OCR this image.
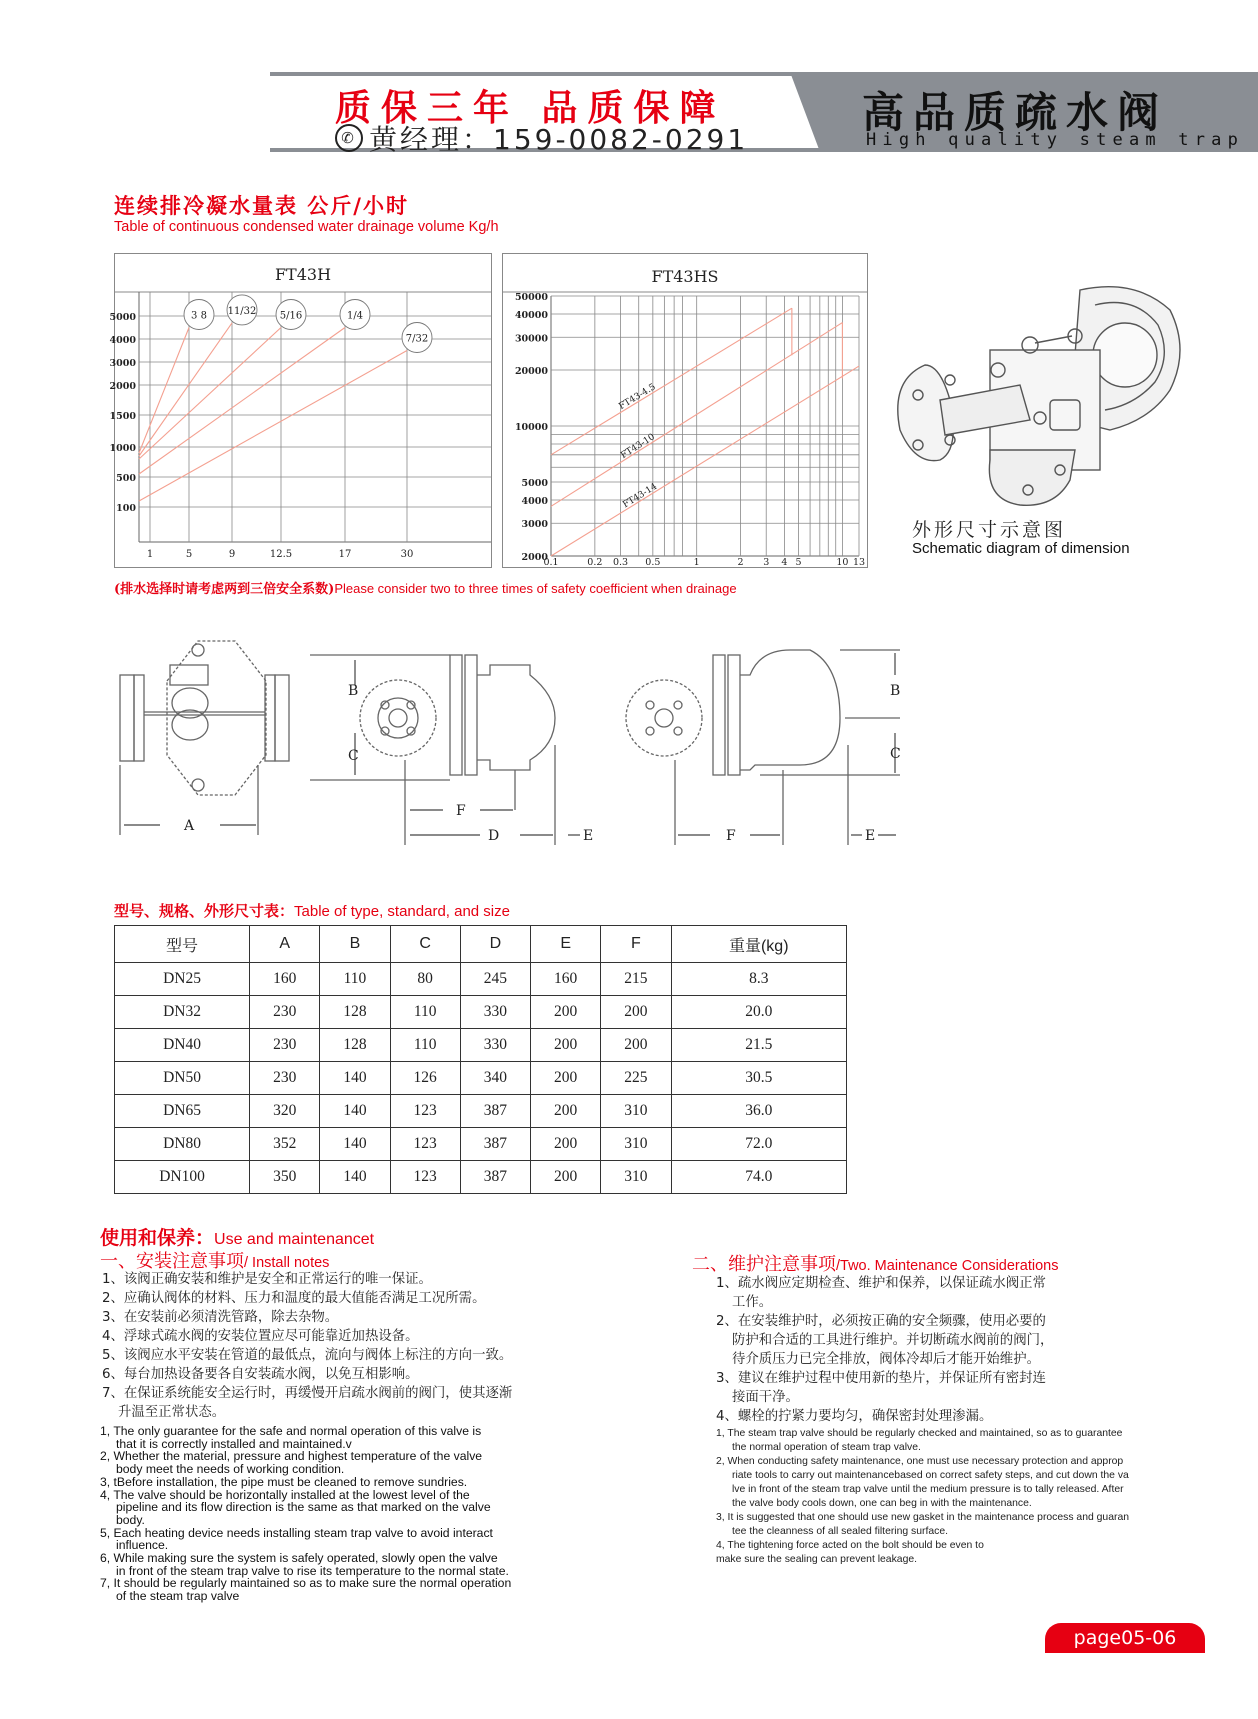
质保三年 品质保障
✆ 黄经理：159-0082-0291
高品质疏水阀
High quality steam trap
连续排冷凝水量表 公斤/小时
Table of continuous condensed water drainage volume Kg/h
FT43H
5000
4000
3000
2000
1500
1000
500
100
1	5	9	12.5	17	30
3 8 11/32 5/16	1/4
7/32
FT43HS
50000
40000
30000
20000
10000
5000
4000
3000
2000
0.1	0.2 0.3 0.5	1	2 3 4 5	10 13
FT43-4.5
FT43-10
FT43-14
外形尺寸示意图
Schematic diagram of dimension
(排水选择时请考虑两到三倍安全系数)Please consider two to three times of safety coefficient when drainage
A
B
C
F
D	E
B
C
F	E
型号、规格、外形尺寸表：Table of type, standard, and size
型号	A	B	C	D	E	F	重量(kg)
DN25	160	110	80	245	160	215	8.3
DN32	230	128	110	330	200	200	20.0
DN40	230	128	110	330	200	200	21.5
DN50	230	140	126	340	200	225	30.5
DN65	320	140	123	387	200	310	36.0
DN80	352	140	123	387	200	310	72.0
DN100	350	140	123	387	200	310	74.0
使用和保养：Use and maintenancet
一、安装注意事项/ Install notes
1、该阀正确安装和维护是安全和正常运行的唯一保证。
2、应确认阀体的材料、压力和温度的最大值能否满足工况所需。
3、在安装前必须清洗管路，除去杂物。
4、浮球式疏水阀的安装位置应尽可能靠近加热设备。
5、该阀应水平安装在管道的最低点，流向与阀体上标注的方向一致。
6、每台加热设备要各自安装疏水阀，以免互相影响。
7、在保证系统能安全运行时，再缓慢开启疏水阀前的阀门，使其逐渐
升温至正常状态。
1, The only guarantee for the safe and normal operation of this valve is
that it is correctly installed and maintained.v
2, Whether the material, pressure and highest temperature of the valve
body meet the needs of working condition.
3, tBefore installation, the pipe must be cleaned to remove sundries.
4, The valve should be horizontally installed at the lowest level of the
pipeline and its flow direction is the same as that marked on the valve
body.
5, Each heating device needs installing steam trap valve to avoid interact
influence.
6, While making sure the system is safely operated, slowly open the valve
in front of the steam trap valve to rise its temperature to the normal state.
7, It should be regularly maintained so as to make sure the normal operation
of the steam trap valve
二、维护注意事项/Two. Maintenance Considerations
1、疏水阀应定期检查、维护和保养，以保证疏水阀正常
工作。
2、在安装维护时，必须按正确的安全频骤，使用必要的
防护和合适的工具进行维护。并切断疏水阀前的阀门，
待介质压力已完全排放，阀体冷却后才能开始维护。
3、建议在维护过程中使用新的垫片，并保证所有密封连
接面干净。
4、螺栓的拧紧力要均匀，确保密封处理渗漏。
1, The steam trap valve should be regularly checked and maintained, so as to guarantee
the normal operation of steam trap valve.
2, When conducting safety maintenance, one must use necessary protection and approp
riate tools to carry out maintenancebased on correct safety steps, and cut down the va
lve in front of the steam trap valve until the medium pressure is to tally released. After
the valve body cools down, one can beg in with the maintenance.
3, It is suggested that one should use new gasket in the maintenance process and guaran
tee the cleanness of all sealed filtering surface.
4, The tightening force acted on the bolt should be even to
make sure the sealing can prevent leakage.
page05-06
